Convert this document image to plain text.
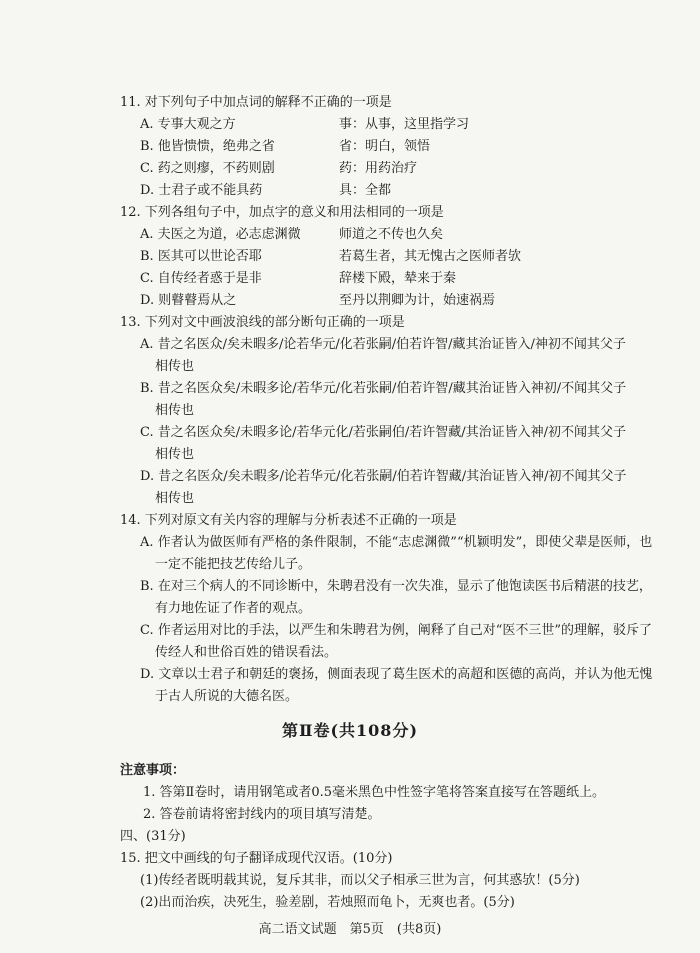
11. 对下列句子中加点词的解释不正确的一项是
A. 专事大观之方	事：从事，这里指学习
B. 他皆愦愦，绝弗之省	省：明白，领悟
C. 药之则瘳，不药则剧	药：用药治疗
D. 士君子或不能具药	具：全都
12. 下列各组句子中，加点字的意义和用法相同的一项是
A. 夫医之为道，必志虑渊微	师道之不传也久矣
B. 医其可以世论否耶	若葛生者，其无愧古之医师者欤
C. 自传经者惑于是非	辞楼下殿，辇来于秦
D. 则瞽瞽焉从之	至丹以荆卿为计，始速祸焉
13. 下列对文中画波浪线的部分断句正确的一项是
A. 昔之名医众/矣未暇多/论若华元/化若张嗣/伯若许智/藏其治证皆入/神初不闻其父子
相传也
B. 昔之名医众矣/未暇多论/若华元/化若张嗣/伯若许智/藏其治证皆入神初/不闻其父子
相传也
C. 昔之名医众矣/未暇多论/若华元化/若张嗣伯/若许智藏/其治证皆入神/初不闻其父子
相传也
D. 昔之名医众/矣未暇多/论若华元/化若张嗣/伯若许智藏/其治证皆入神/初不闻其父子
相传也
14. 下列对原文有关内容的理解与分析表述不正确的一项是
A. 作者认为做医师有严格的条件限制，不能“志虑渊微”“机颖明发”，即使父辈是医师，也
一定不能把技艺传给儿子。
B. 在对三个病人的不同诊断中，朱聘君没有一次失准，显示了他饱读医书后精湛的技艺，
有力地佐证了作者的观点。
C. 作者运用对比的手法，以严生和朱聘君为例，阐释了自己对“医不三世”的理解，驳斥了
传经人和世俗百姓的错误看法。
D. 文章以士君子和朝廷的褒扬，侧面表现了葛生医术的高超和医德的高尚，并认为他无愧
于古人所说的大德名医。
第Ⅱ卷(共108分)
注意事项：
1. 答第Ⅱ卷时，请用钢笔或者0.5毫米黑色中性签字笔将答案直接写在答题纸上。
2. 答卷前请将密封线内的项目填写清楚。
四、(31分)
15. 把文中画线的句子翻译成现代汉语。(10分)
(1)传经者既明载其说，复斥其非，而以父子相承三世为言，何其惑欤！(5分)
(2)出而治疾，决死生，验差剧，若烛照而龟卜，无爽也者。(5分)
高二语文试题　第5页　(共8页)
